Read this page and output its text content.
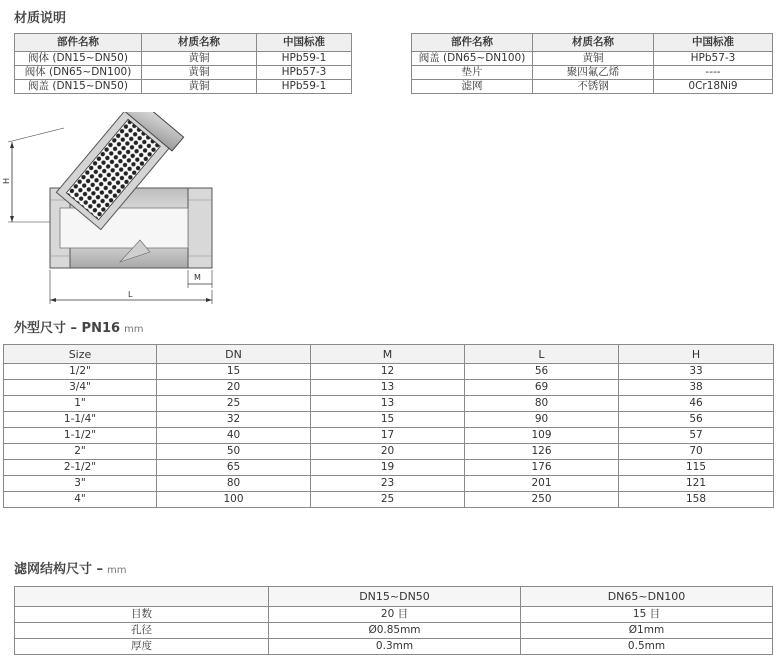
材质说明
部件名称	材质名称	中国标准
阀体 (DN15~DN50)	黄铜	HPb59-1
阀体 (DN65~DN100)	黄铜	HPb57-3
阀盖 (DN15~DN50)	黄铜	HPb59-1
部件名称	材质名称	中国标准
阀盖 (DN65~DN100)	黄铜	HPb57-3
垫片	聚四氟乙烯	----
滤网	不锈钢	0Cr18Ni9
H
M
L
外型尺寸 – PN16 mm
Size	DN	M	L	H
1/2"	15	12	56	33
3/4"	20	13	69	38
1"	25	13	80	46
1-1/4"	32	15	90	56
1-1/2"	40	17	109	57
2"	50	20	126	70
2-1/2"	65	19	176	115
3"	80	23	201	121
4"	100	25	250	158
滤网结构尺寸 – mm
	DN15~DN50	DN65~DN100
目数	20 目	15 目
孔径	Ø0.85mm	Ø1mm
厚度	0.3mm	0.5mm
